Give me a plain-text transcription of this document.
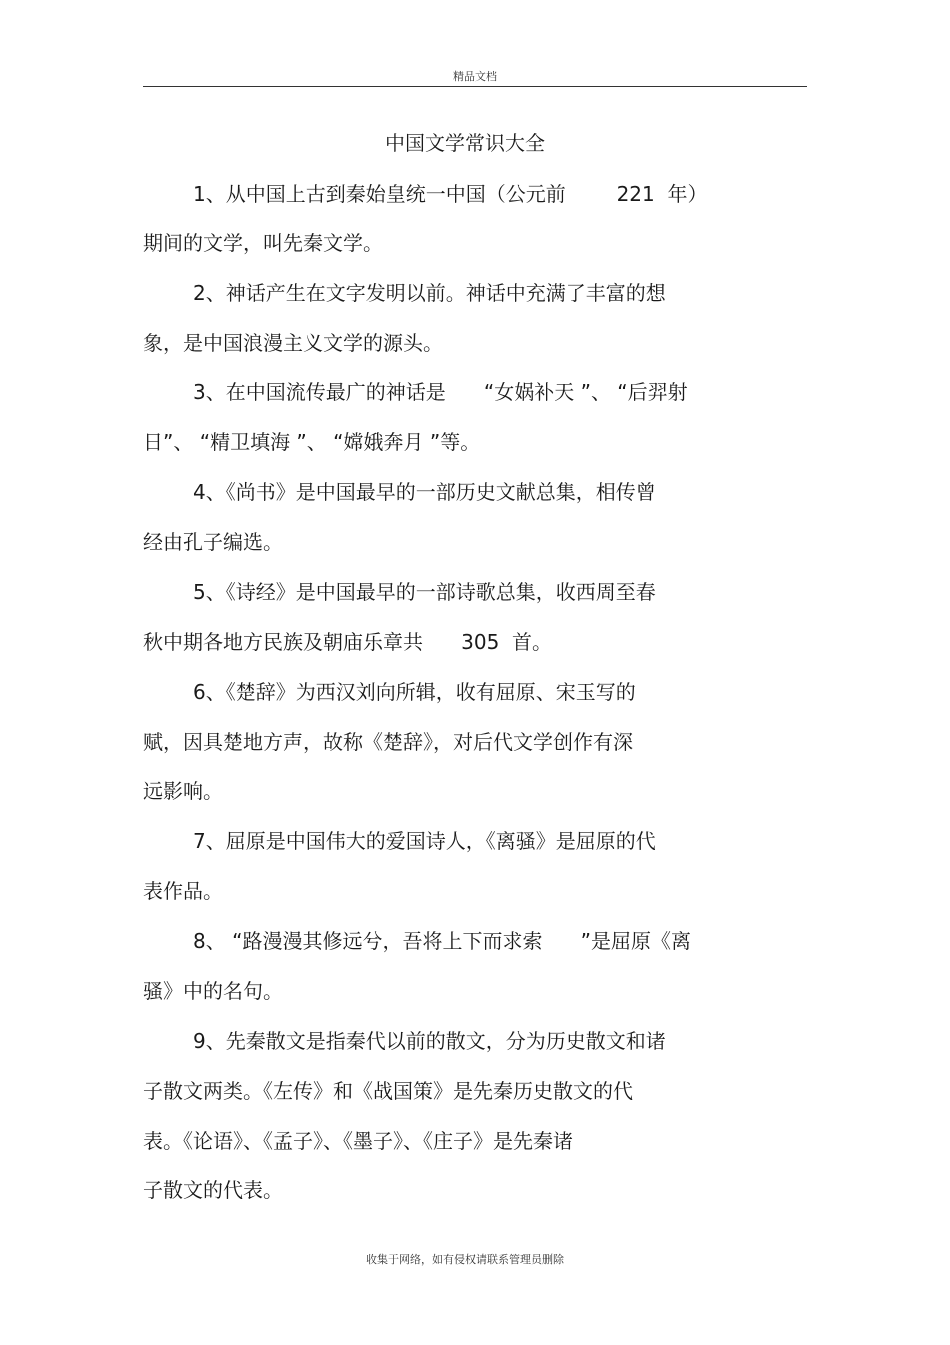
精品文档
中国文学常识大全
1、从中国上古到秦始皇统一中国（公元前        221  年）
期间的文学，叫先秦文学。
2、神话产生在文字发明以前。神话中充满了丰富的想
象，是中国浪漫主义文学的源头。
3、在中国流传最广的神话是      “女娲补天 ”、 “后羿射
日”、 “精卫填海 ”、 “嫦娥奔月 ”等。
4、《尚书》是中国最早的一部历史文献总集，相传曾
经由孔子编选。
5、《诗经》是中国最早的一部诗歌总集，收西周至春
秋中期各地方民族及朝庙乐章共      305  首。
6、《楚辞》为西汉刘向所辑，收有屈原、宋玉写的
赋，因具楚地方声，故称《楚辞》，对后代文学创作有深
远影响。
7、屈原是中国伟大的爱国诗人，《离骚》是屈原的代
表作品。
8、 “路漫漫其修远兮，吾将上下而求索      ”是屈原《离
骚》中的名句。
9、先秦散文是指秦代以前的散文，分为历史散文和诸
子散文两类。《左传》和《战国策》是先秦历史散文的代
表。《论语》、《孟子》、《墨子》、《庄子》是先秦诸
子散文的代表。
收集于网络，如有侵权请联系管理员删除
